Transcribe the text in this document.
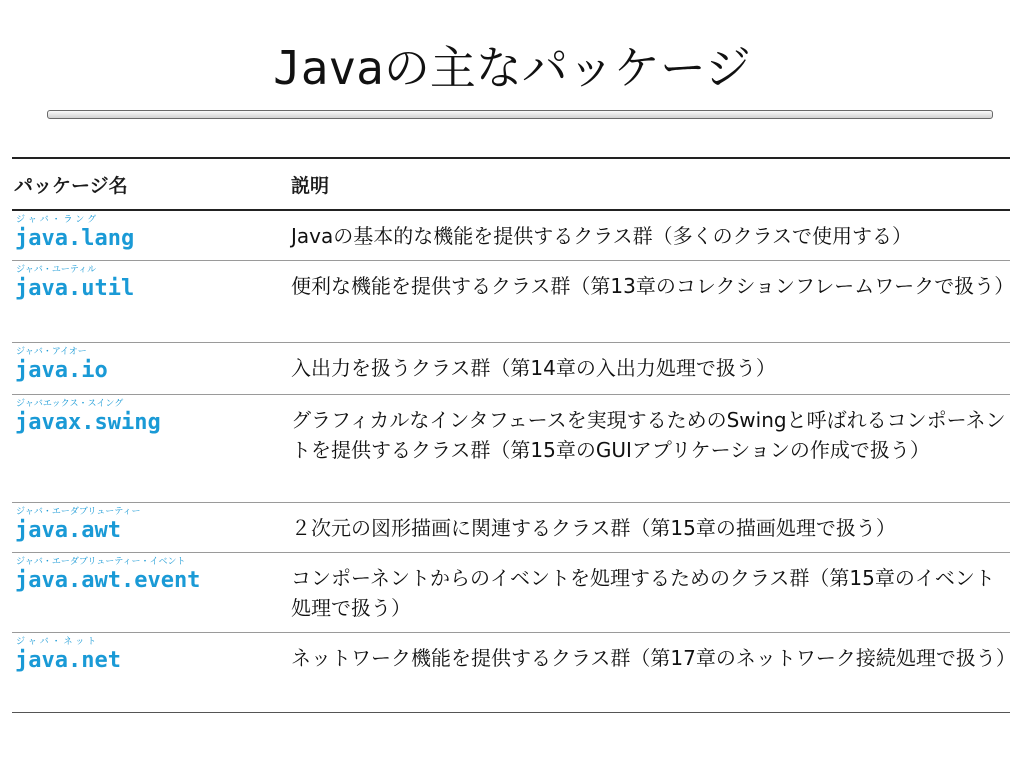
Javaの主なパッケージ
パッケージ名	説明
ジ ャ バ ・ ラ ン グ
java.lang	Javaの基本的な機能を提供するクラス群（多くのクラスで使用する）
ジャバ・ユーティル
java.util	便利な機能を提供するクラス群（第13章のコレクションフレームワークで扱う）
ジャバ・アイオー
java.io	入出力を扱うクラス群（第14章の入出力処理で扱う）
ジャバエックス・スイング
javax.swing	グラフィカルなインタフェースを実現するためのSwingと呼ばれるコンポーネントを提供するクラス群（第15章のGUIアプリケーションの作成で扱う）
ジャバ・エーダブリューティー
java.awt	２次元の図形描画に関連するクラス群（第15章の描画処理で扱う）
ジャバ・エーダブリューティー・イベント
java.awt.event	コンポーネントからのイベントを処理するためのクラス群（第15章のイベント処理で扱う）
ジ ャ バ ・ ネ ッ ト
java.net	ネットワーク機能を提供するクラス群（第17章のネットワーク接続処理で扱う）
